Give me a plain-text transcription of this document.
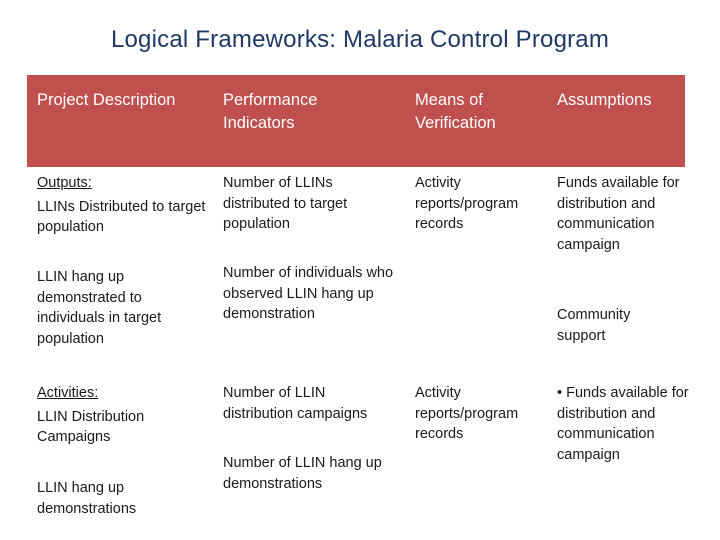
Logical Frameworks: Malaria Control Program
Project Description	Performance
Indicators
Means of
Verification
Assumptions
Outputs:
LLINs Distributed to target population
Number of LLINs distributed to target population
Activity reports/program records
Funds available for distribution and communication campaign
LLIN hang up demonstrated to individuals in target population
Number of individuals who observed LLIN hang up demonstration	Community support
Activities:
LLIN Distribution Campaigns
Number of LLIN distribution campaigns
Activity reports/program records
• Funds available for distribution and communication campaign
LLIN hang up demonstrations
Number of LLIN hang up demonstrations
